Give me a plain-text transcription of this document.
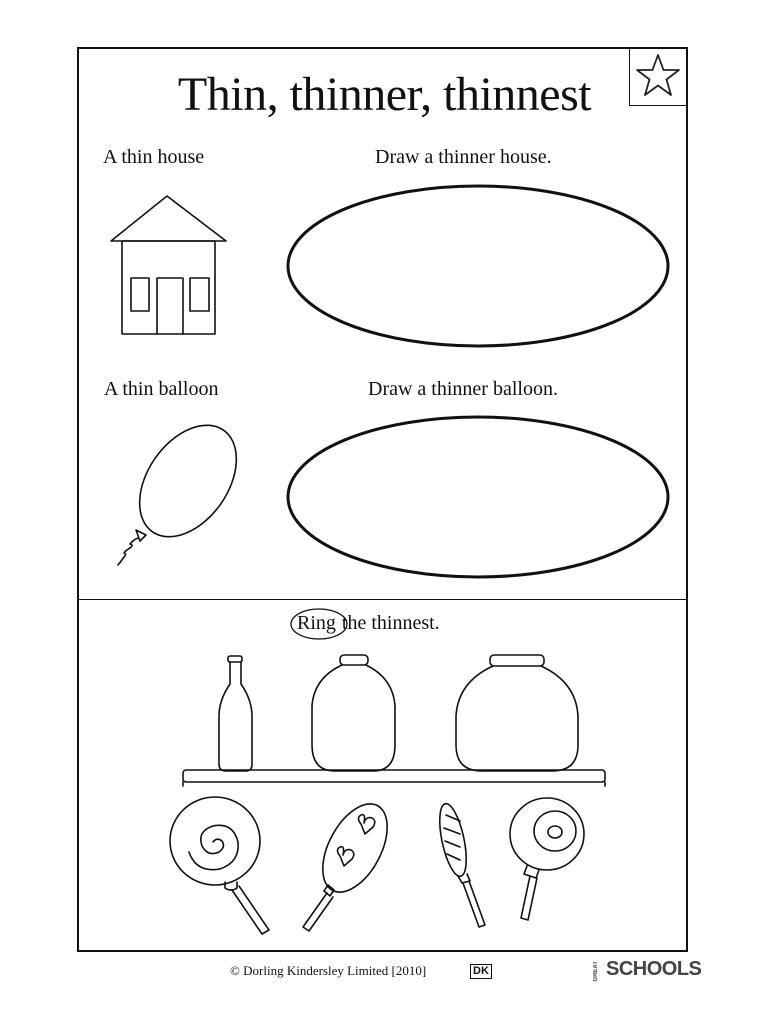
Thin, thinner, thinnest
A thin house	Draw a thinner house.
A thin balloon	Draw a thinner balloon.
Ring the thinnest.
© Dorling Kindersley Limited [2010]	DK	GREAT SCHOOLS
